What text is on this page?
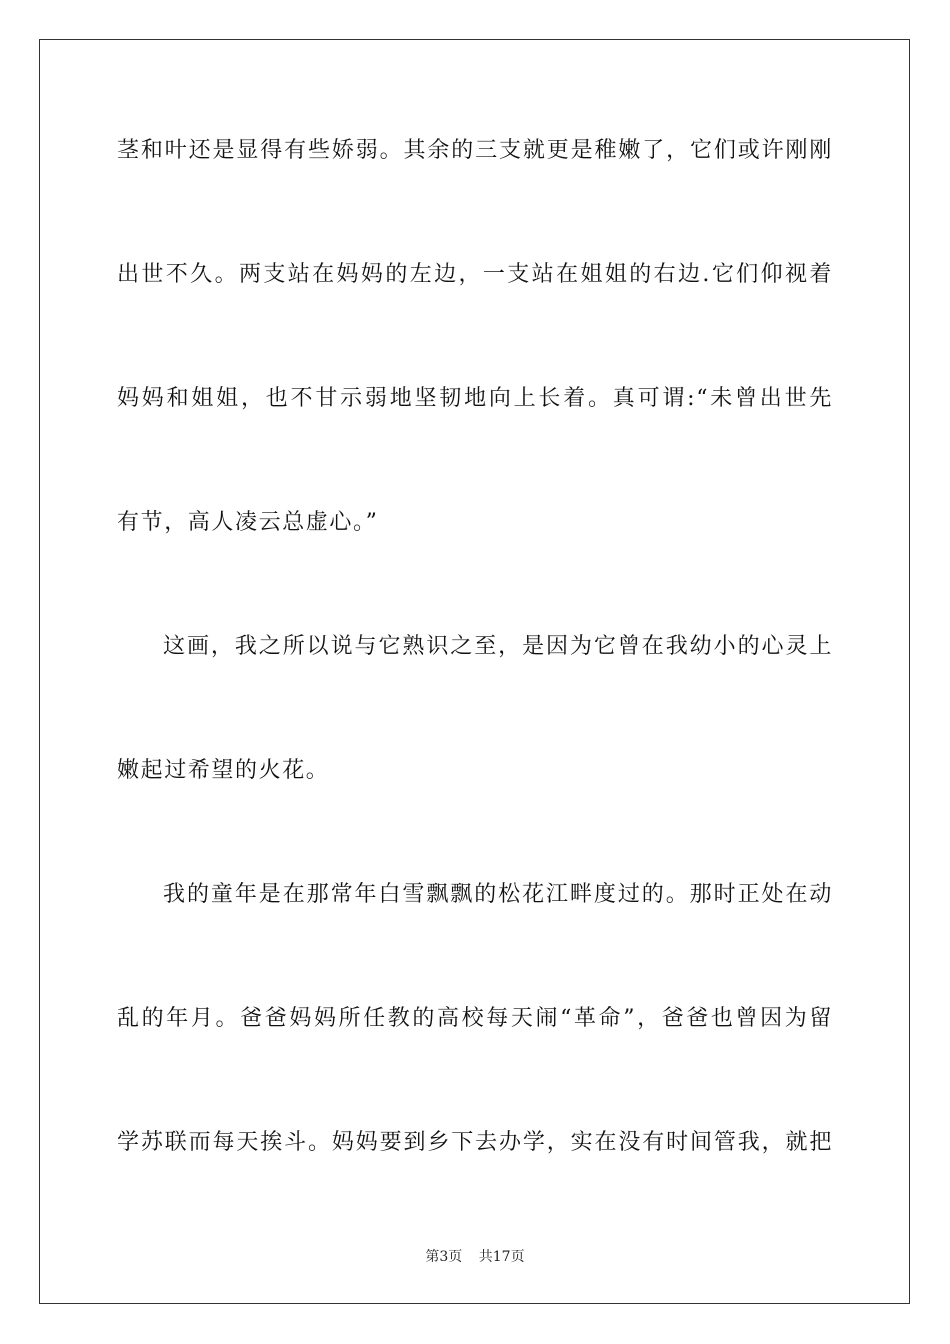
茎和叶还是显得有些娇弱。其余的三支就更是稚嫩了，它们或许刚刚
出世不久。两支站在妈妈的左边，一支站在姐姐的右边.它们仰视着
妈妈和姐姐，也不甘示弱地坚韧地向上长着。真可谓:“未曾出世先
有节，高人凌云总虚心。”
这画，我之所以说与它熟识之至，是因为它曾在我幼小的心灵上
嫩起过希望的火花。
我的童年是在那常年白雪飘飘的松花江畔度过的。那时正处在动
乱的年月。爸爸妈妈所任教的高校每天闹“革命”，爸爸也曾因为留
学苏联而每天挨斗。妈妈要到乡下去办学，实在没有时间管我，就把
第3页 共17页
